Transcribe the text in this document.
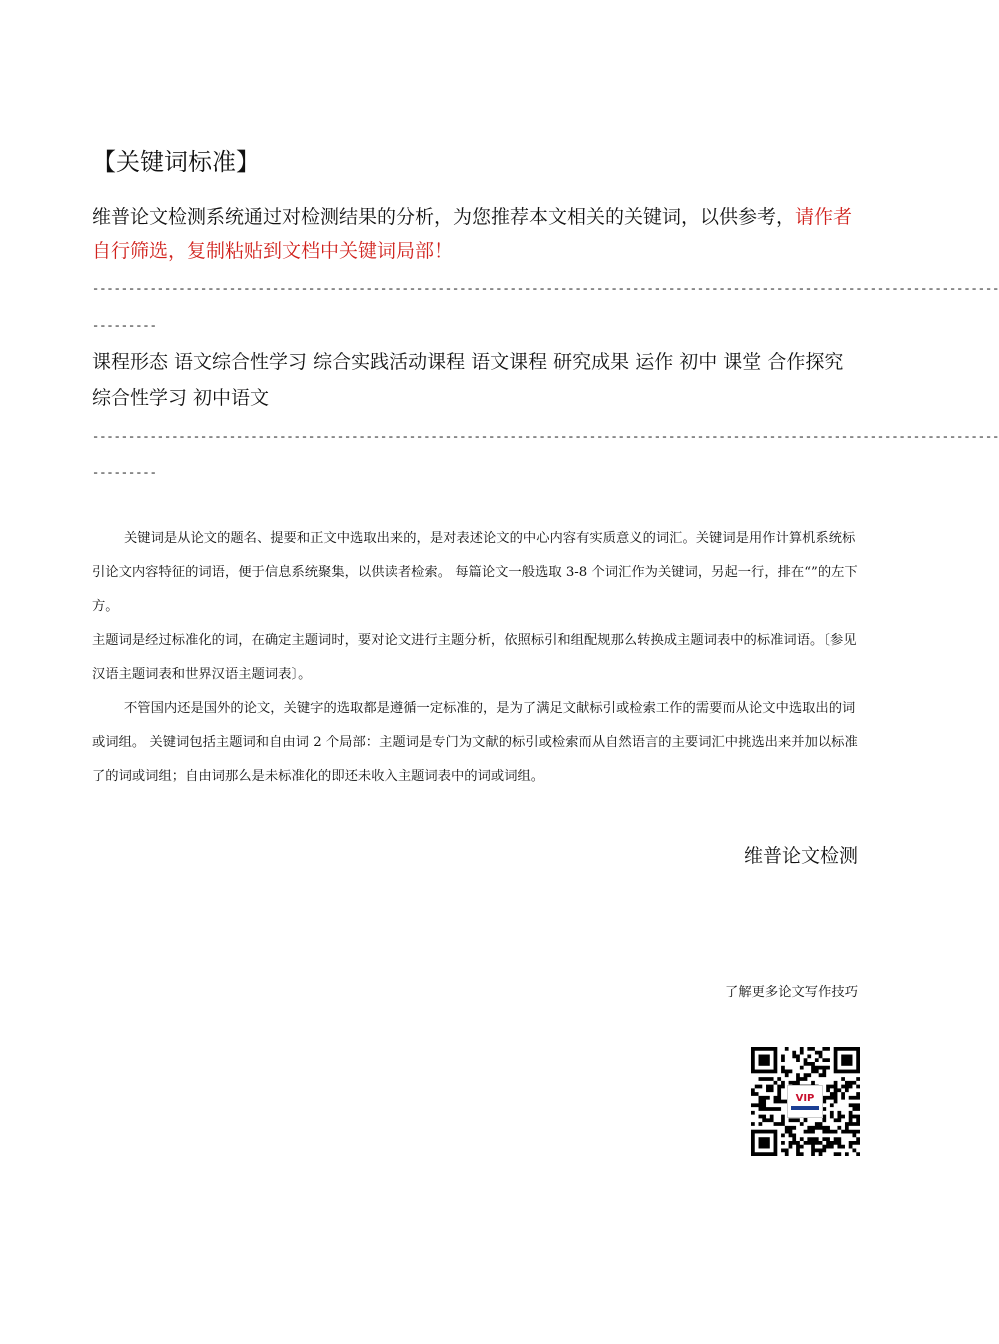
【关键词标准】
维普论文检测系统通过对检测结果的分析，为您推荐本文相关的关键词，以供参考，请作者自行筛选，复制粘贴到文档中关键词局部！
------------------------------------------------------------------------------------------------------------------------------
---------
课程形态 语文综合性学习 综合实践活动课程 语文课程 研究成果 运作 初中 课堂 合作探究 综合性学习 初中语文
------------------------------------------------------------------------------------------------------------------------------
---------

关键词是从论文的题名、提要和正文中选取出来的，是对表述论文的中心内容有实质意义的词汇。关键词是用作计算机系统标引论文内容特征的词语，便于信息系统聚集，以供读者检索。 每篇论文一般选取 3-8 个词汇作为关键词，另起一行，排在“”的左下方。

主题词是经过标准化的词，在确定主题词时，要对论文进行主题分析，依照标引和组配规那么转换成主题词表中的标准词语。〔参见汉语主题词表和世界汉语主题词表〕。

不管国内还是国外的论文，关键字的选取都是遵循一定标准的，是为了满足文献标引或检索工作的需要而从论文中选取出的词或词组。 关键词包括主题词和自由词 2 个局部：主题词是专门为文献的标引或检索而从自然语言的主要词汇中挑选出来并加以标准了的词或词组；自由词那么是未标准化的即还未收入主题词表中的词或词组。

维普论文检测
了解更多论文写作技巧
VIP
